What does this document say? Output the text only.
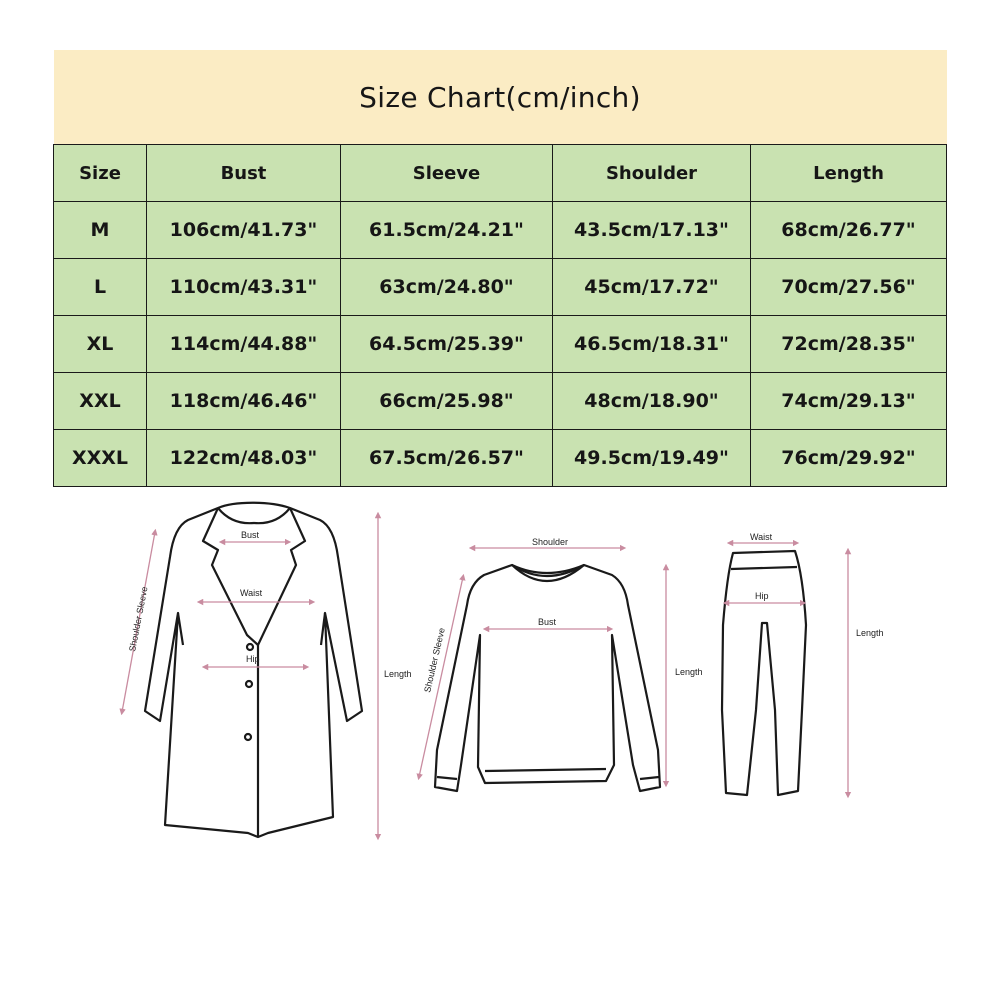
Size Chart(cm/inch)				
Size	Bust	Sleeve	Shoulder	Length
M	106cm/41.73"	61.5cm/24.21"	43.5cm/17.13"	68cm/26.77"
L	110cm/43.31"	63cm/24.80"	45cm/17.72"	70cm/27.56"
XL	114cm/44.88"	64.5cm/25.39"	46.5cm/18.31"	72cm/28.35"
XXL	118cm/46.46"	66cm/25.98"	48cm/18.90"	74cm/29.13"
XXXL	122cm/48.03"	67.5cm/26.57"	49.5cm/19.49"	76cm/29.92"
Bust
Waist
Hip
Shoulder Sleeve
Length
Shoulder
Bust
Shoulder Sleeve	Length
Waist
Hip
Length
